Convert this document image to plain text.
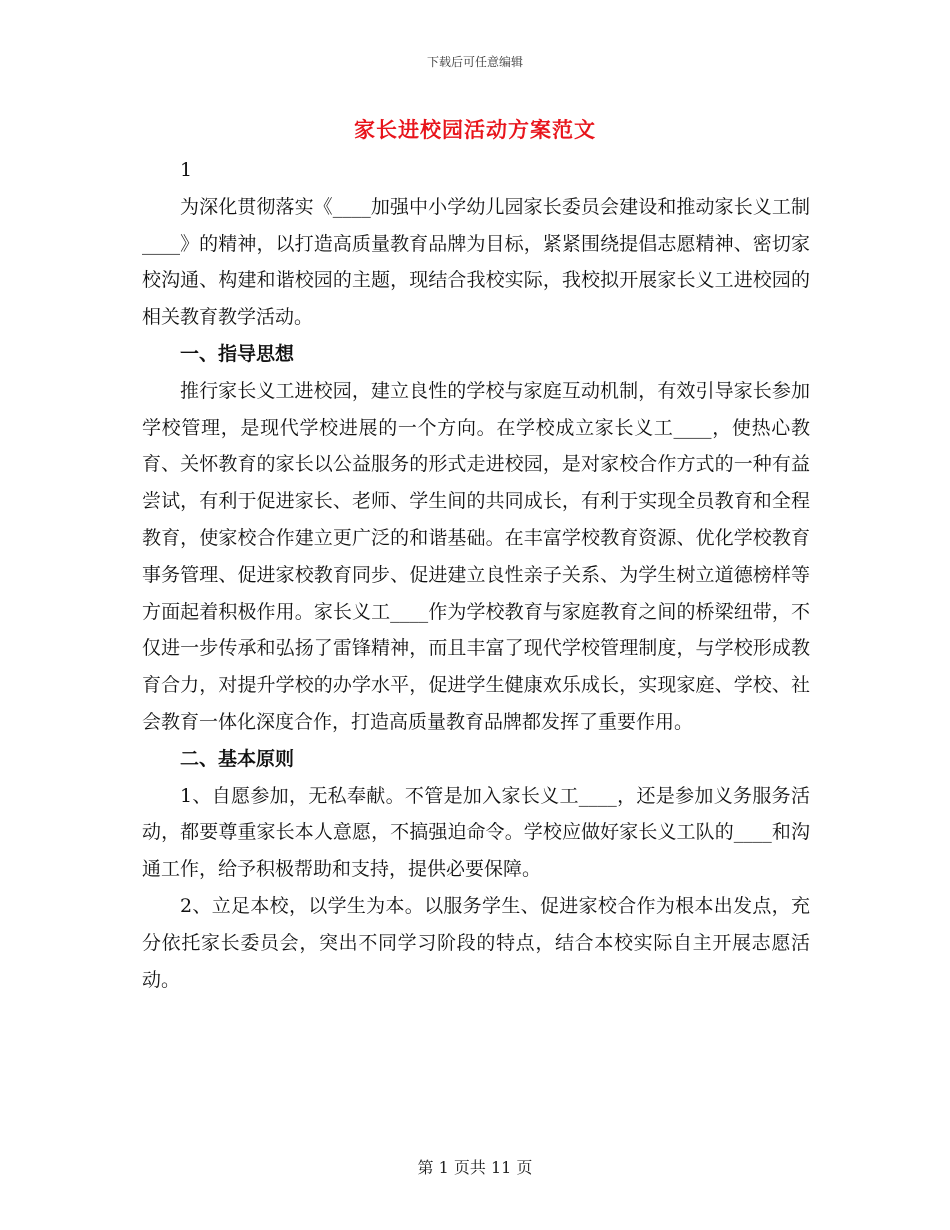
下载后可任意编辑
家长进校园活动方案范文

1

为深化贯彻落实《____加强中小学幼儿园家长委员会建设和推动家长义工制____》的精神，以打造高质量教育品牌为目标，紧紧围绕提倡志愿精神、密切家校沟通、构建和谐校园的主题，现结合我校实际，我校拟开展家长义工进校园的相关教育教学活动。

一、指导思想

推行家长义工进校园，建立良性的学校与家庭互动机制，有效引导家长参加学校管理，是现代学校进展的一个方向。在学校成立家长义工____，使热心教育、关怀教育的家长以公益服务的形式走进校园，是对家校合作方式的一种有益尝试，有利于促进家长、老师、学生间的共同成长，有利于实现全员教育和全程教育，使家校合作建立更广泛的和谐基础。在丰富学校教育资源、优化学校教育事务管理、促进家校教育同步、促进建立良性亲子关系、为学生树立道德榜样等方面起着积极作用。家长义工____作为学校教育与家庭教育之间的桥梁纽带，不仅进一步传承和弘扬了雷锋精神，而且丰富了现代学校管理制度，与学校形成教育合力，对提升学校的办学水平，促进学生健康欢乐成长，实现家庭、学校、社会教育一体化深度合作，打造高质量教育品牌都发挥了重要作用。

二、基本原则

1、自愿参加，无私奉献。不管是加入家长义工____，还是参加义务服务活动，都要尊重家长本人意愿，不搞强迫命令。学校应做好家长义工队的____和沟通工作，给予积极帮助和支持，提供必要保障。

2、立足本校，以学生为本。以服务学生、促进家校合作为根本出发点，充分依托家长委员会，突出不同学习阶段的特点，结合本校实际自主开展志愿活动。

第 1 页共 11 页
